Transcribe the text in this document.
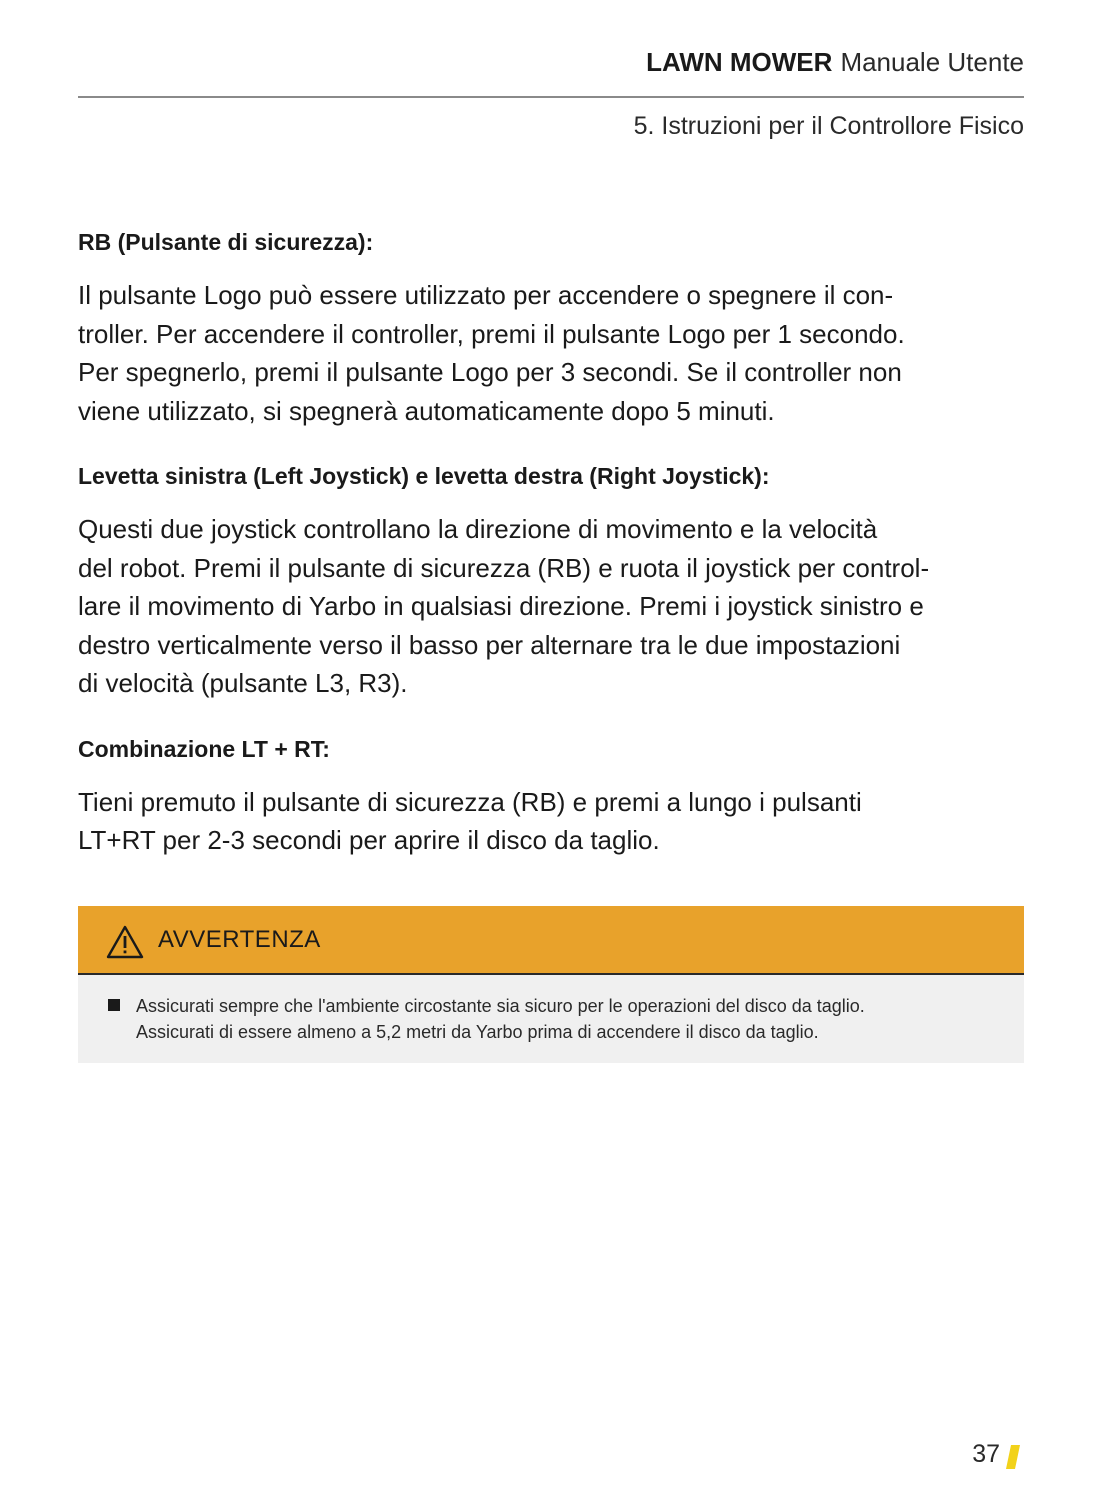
LAWN MOWER Manuale Utente
5. Istruzioni per il Controllore Fisico
RB (Pulsante di sicurezza):

Il pulsante Logo può essere utilizzato per accendere o spegnere il con-
troller. Per accendere il controller, premi il pulsante Logo per 1 secondo.
Per spegnerlo, premi il pulsante Logo per 3 secondi. Se il controller non
viene utilizzato, si spegnerà automaticamente dopo 5 minuti.

Levetta sinistra (Left Joystick) e levetta destra (Right Joystick):

Questi due joystick controllano la direzione di movimento e la velocità
del robot. Premi il pulsante di sicurezza (RB) e ruota il joystick per control-
lare il movimento di Yarbo in qualsiasi direzione. Premi i joystick sinistro e
destro verticalmente verso il basso per alternare tra le due impostazioni
di velocità (pulsante L3, R3).

Combinazione LT + RT:

Tieni premuto il pulsante di sicurezza (RB) e premi a lungo i pulsanti
LT+RT per 2-3 secondi per aprire il disco da taglio.

AVVERTENZA
Assicurati sempre che l'ambiente circostante sia sicuro per le operazioni del disco da taglio.
Assicurati di essere almeno a 5,2 metri da Yarbo prima di accendere il disco da taglio.
37
